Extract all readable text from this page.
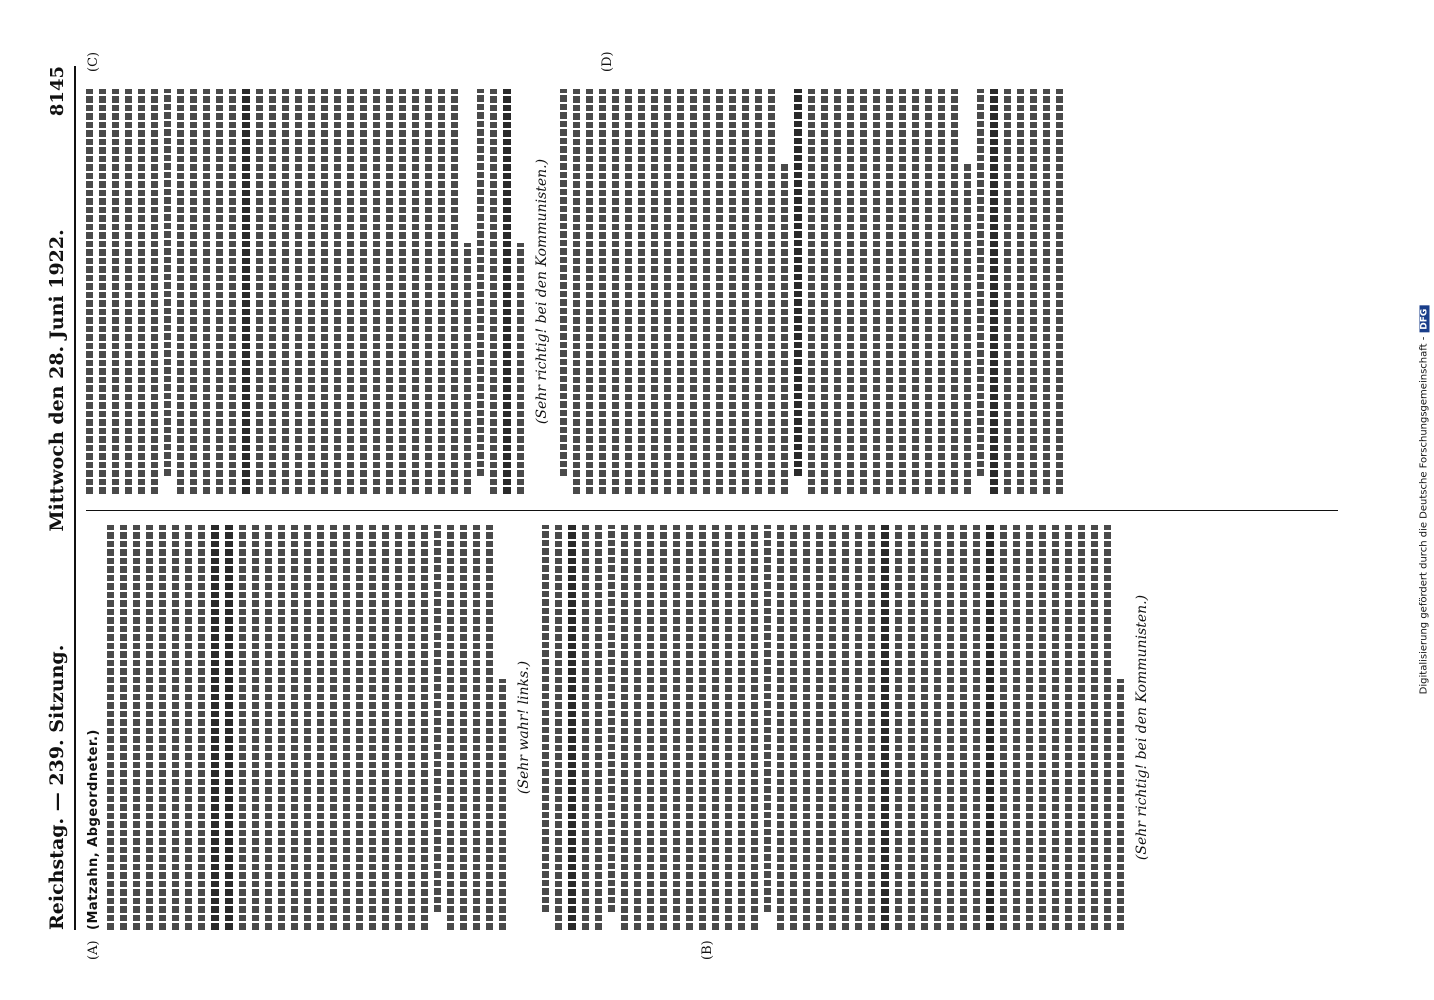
Reichstag. — 239. Sitzung.
Mittwoch den 28. Juni 1922.
8145
(A)	(B)
(C)	(D)
(Matzahn, Abgeordneter.)
(Sehr wahr! links.)	(Sehr richtig! bei den Kommunisten.)
(Sehr richtig! bei den Kommunisten.)
Digitalisierung gefördert durch die Deutsche Forschungsgemeinschaft -DFG
